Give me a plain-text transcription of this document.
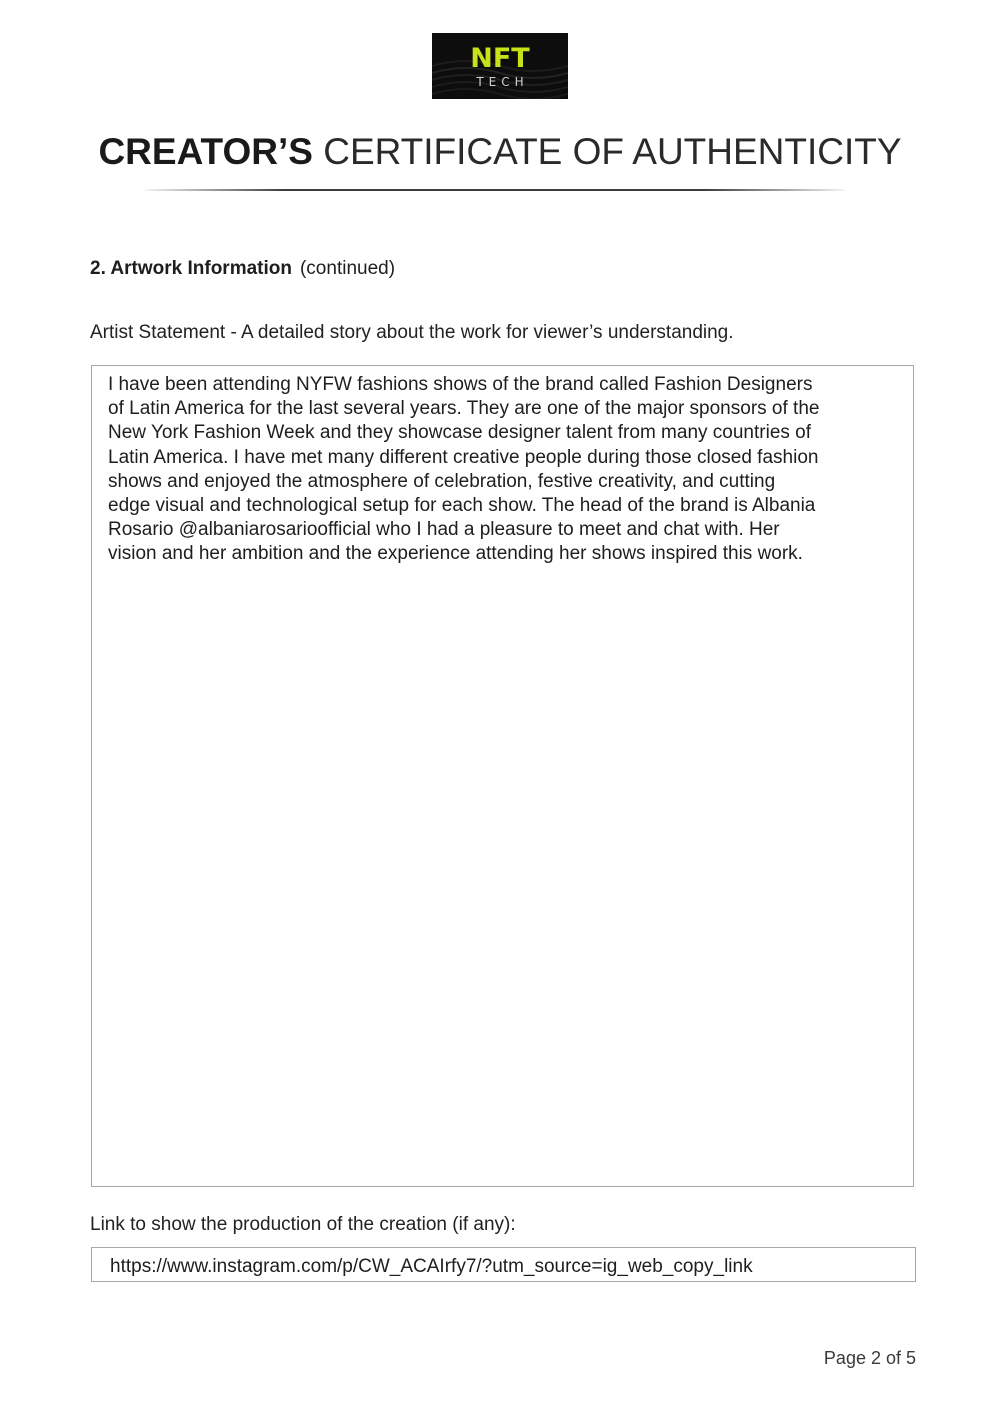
NFT
TECH
CREATOR’S CERTIFICATE OF AUTHENTICITY
2. Artwork Information (continued)
Artist Statement - A detailed story about the work for viewer’s understanding.
I have been attending NYFW fashions shows of the brand called Fashion Designers
of Latin America for the last several years. They are one of the major sponsors of the
New York Fashion Week and they showcase designer talent from many countries of
Latin America. I have met many different creative people during those closed fashion
shows and enjoyed the atmosphere of celebration, festive creativity, and cutting
edge visual and technological setup for each show. The head of the brand is Albania
Rosario @albaniarosarioofficial who I had a pleasure to meet and chat with. Her
vision and her ambition and the experience attending her shows inspired this work.
Link to show the production of the creation (if any):
https://www.instagram.com/p/CW_ACAIrfy7/?utm_source=ig_web_copy_link
Page 2 of 5
